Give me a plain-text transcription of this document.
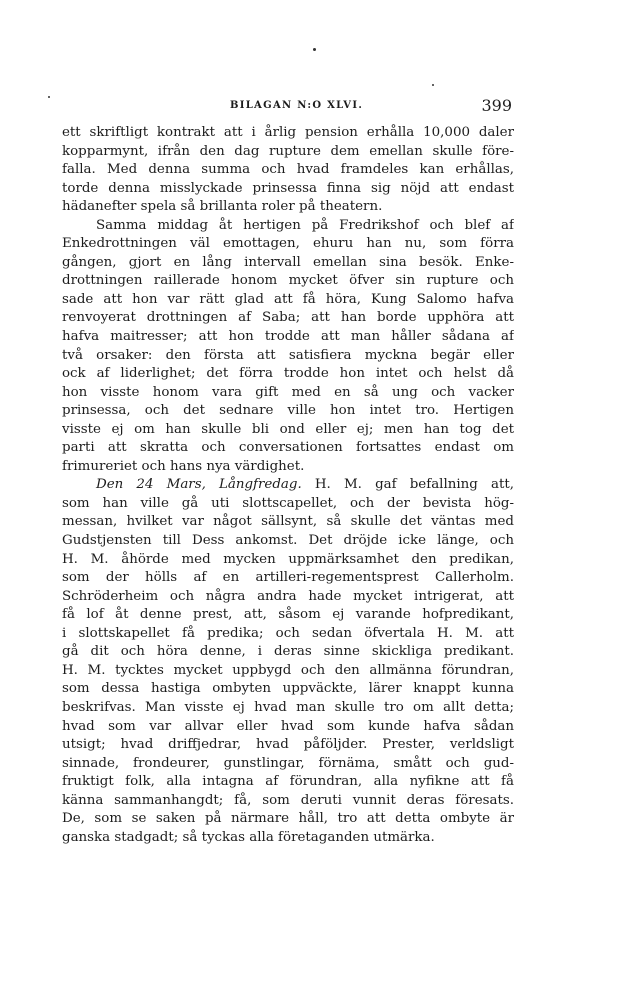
BILAGAN N:O XLVI.	399
ett skriftligt kontrakt att i årlig pension erhålla 10,000 daler
kopparmynt, ifrån den dag rupture dem emellan skulle före-
falla. Med denna summa och hvad framdeles kan erhållas,
torde denna misslyckade prinsessa finna sig nöjd att endast
hädanefter spela så brillanta roler på theatern.
Samma middag åt hertigen på Fredrikshof och blef af
Enkedrottningen väl emottagen, ehuru han nu, som förra
gången, gjort en lång intervall emellan sina besök. Enke-
drottningen raillerade honom mycket öfver sin rupture och
sade att hon var rätt glad att få höra, Kung Salomo hafva
renvoyerat drottningen af Saba; att han borde upphöra att
hafva maitresser; att hon trodde att man håller sådana af
två orsaker: den första att satisfiera myckna begär eller
ock af liderlighet; det förra trodde hon intet och helst då
hon visste honom vara gift med en så ung och vacker
prinsessa, och det sednare ville hon intet tro. Hertigen
visste ej om han skulle bli ond eller ej; men han tog det
parti att skratta och conversationen fortsattes endast om
frimureriet och hans nya värdighet.
Den 24 Mars, Långfredag. H. M. gaf befallning att,
som han ville gå uti slottscapellet, och der bevista hög-
messan, hvilket var något sällsynt, så skulle det väntas med
Gudstjensten till Dess ankomst. Det dröjde icke länge, och
H. M. åhörde med mycken uppmärksamhet den predikan,
som der hölls af en artilleri-regementsprest Callerholm.
Schröderheim och några andra hade mycket intrigerat, att
få lof åt denne prest, att, såsom ej varande hofpredikant,
i slottskapellet få predika; och sedan öfvertala H. M. att
gå dit och höra denne, i deras sinne skickliga predikant.
H. M. tycktes mycket uppbygd och den allmänna förundran,
som dessa hastiga ombyten uppväckte, lärer knappt kunna
beskrifvas. Man visste ej hvad man skulle tro om allt detta;
hvad som var allvar eller hvad som kunde hafva sådan
utsigt; hvad driffjedrar, hvad påföljder. Prester, verldsligt
sinnade, frondeurer, gunstlingar, förnäma, smått och gud-
fruktigt folk, alla intagna af förundran, alla nyfikne att få
känna sammanhangdt; få, som deruti vunnit deras föresats.
De, som se saken på närmare håll, tro att detta ombyte är
ganska stadgadt; så tyckas alla företaganden utmärka.
